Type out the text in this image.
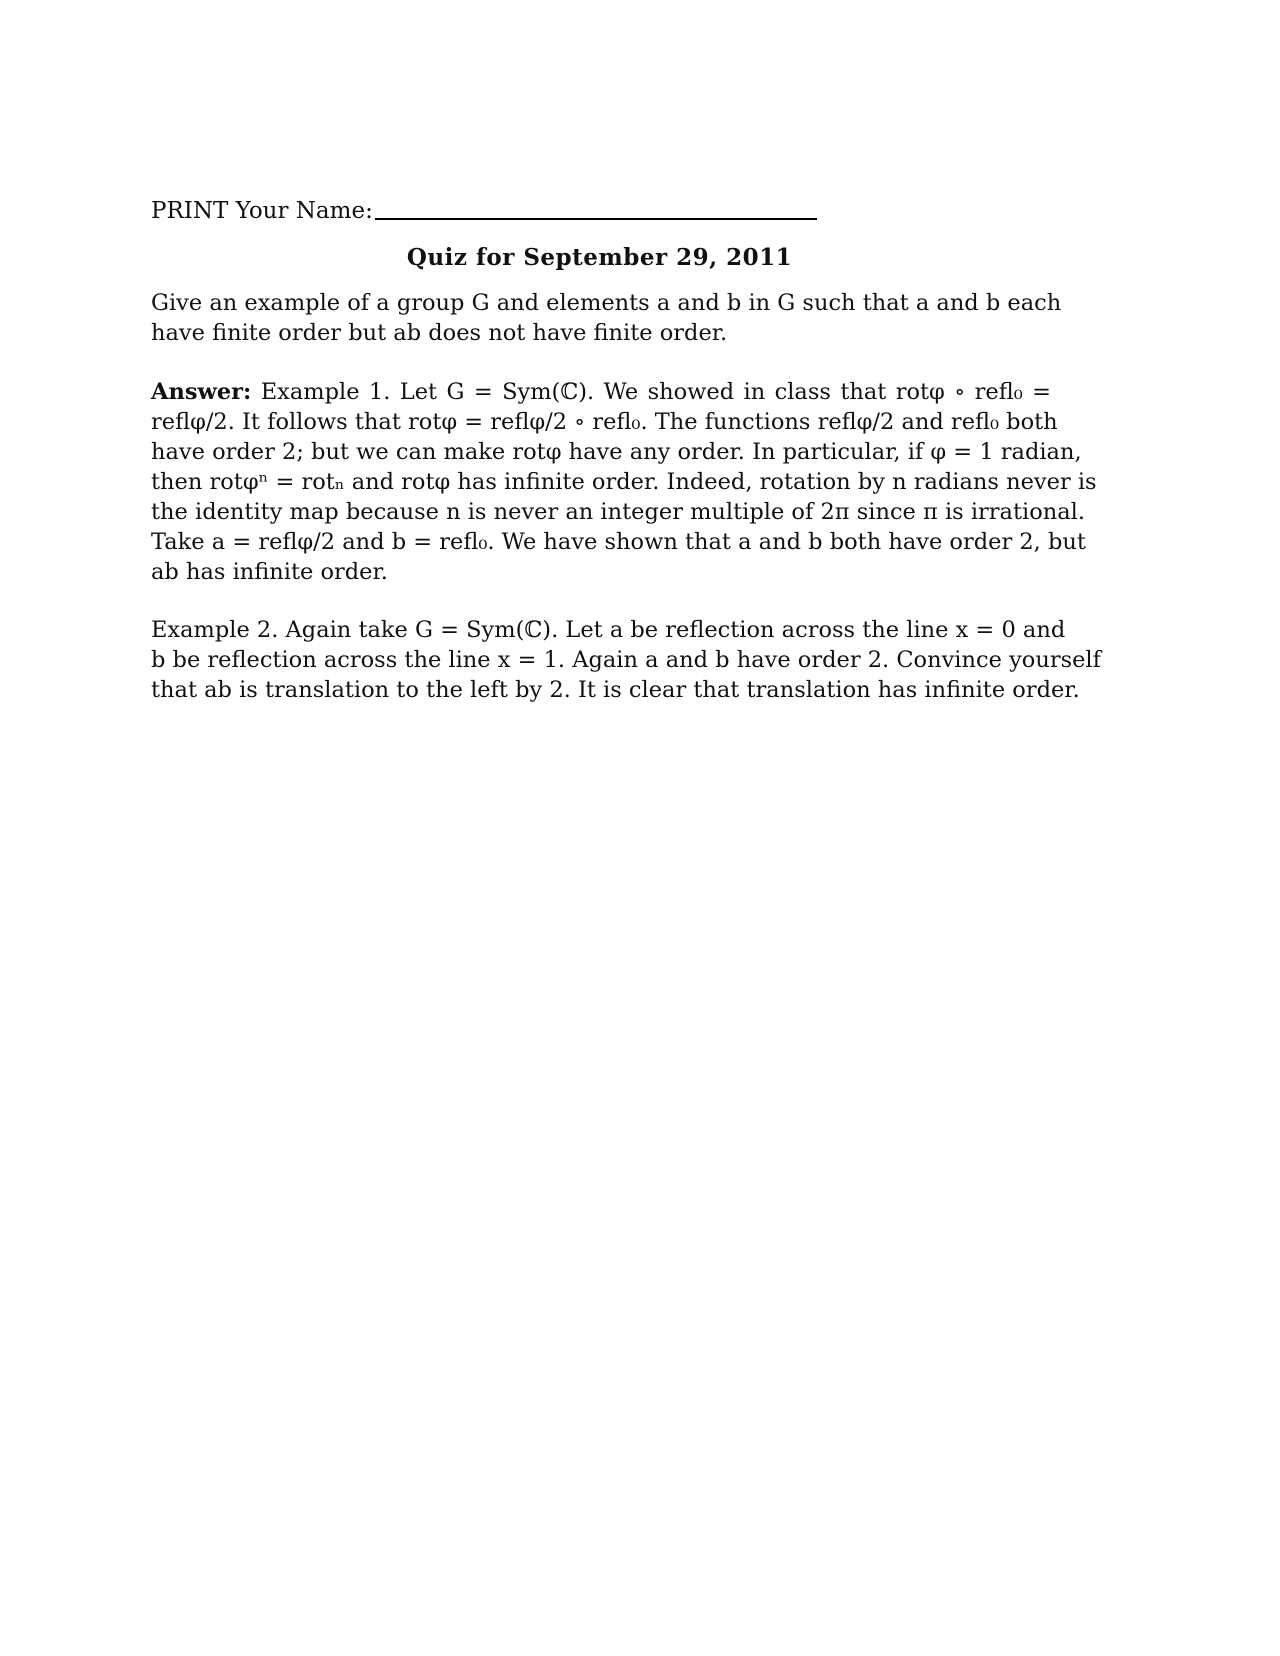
PRINT Your Name:
Quiz for September 29, 2011
Give an example of a group G and elements a and b in G such that a and b each
have finite order but ab does not have finite order.
Answer: Example 1. Let G = Sym(ℂ). We showed in class that rotφ ∘ refl₀ =
reflφ/2. It follows that rotφ = reflφ/2 ∘ refl₀. The functions reflφ/2 and refl₀ both
have order 2; but we can make rotφ have any order. In particular, if φ = 1 radian,
then rotφⁿ = rotₙ and rotφ has infinite order. Indeed, rotation by n radians never is
the identity map because n is never an integer multiple of 2π since π is irrational.
Take a = reflφ/2 and b = refl₀. We have shown that a and b both have order 2, but
ab has infinite order.
Example 2. Again take G = Sym(ℂ). Let a be reflection across the line x = 0 and
b be reflection across the line x = 1. Again a and b have order 2. Convince yourself
that ab is translation to the left by 2. It is clear that translation has infinite order.
